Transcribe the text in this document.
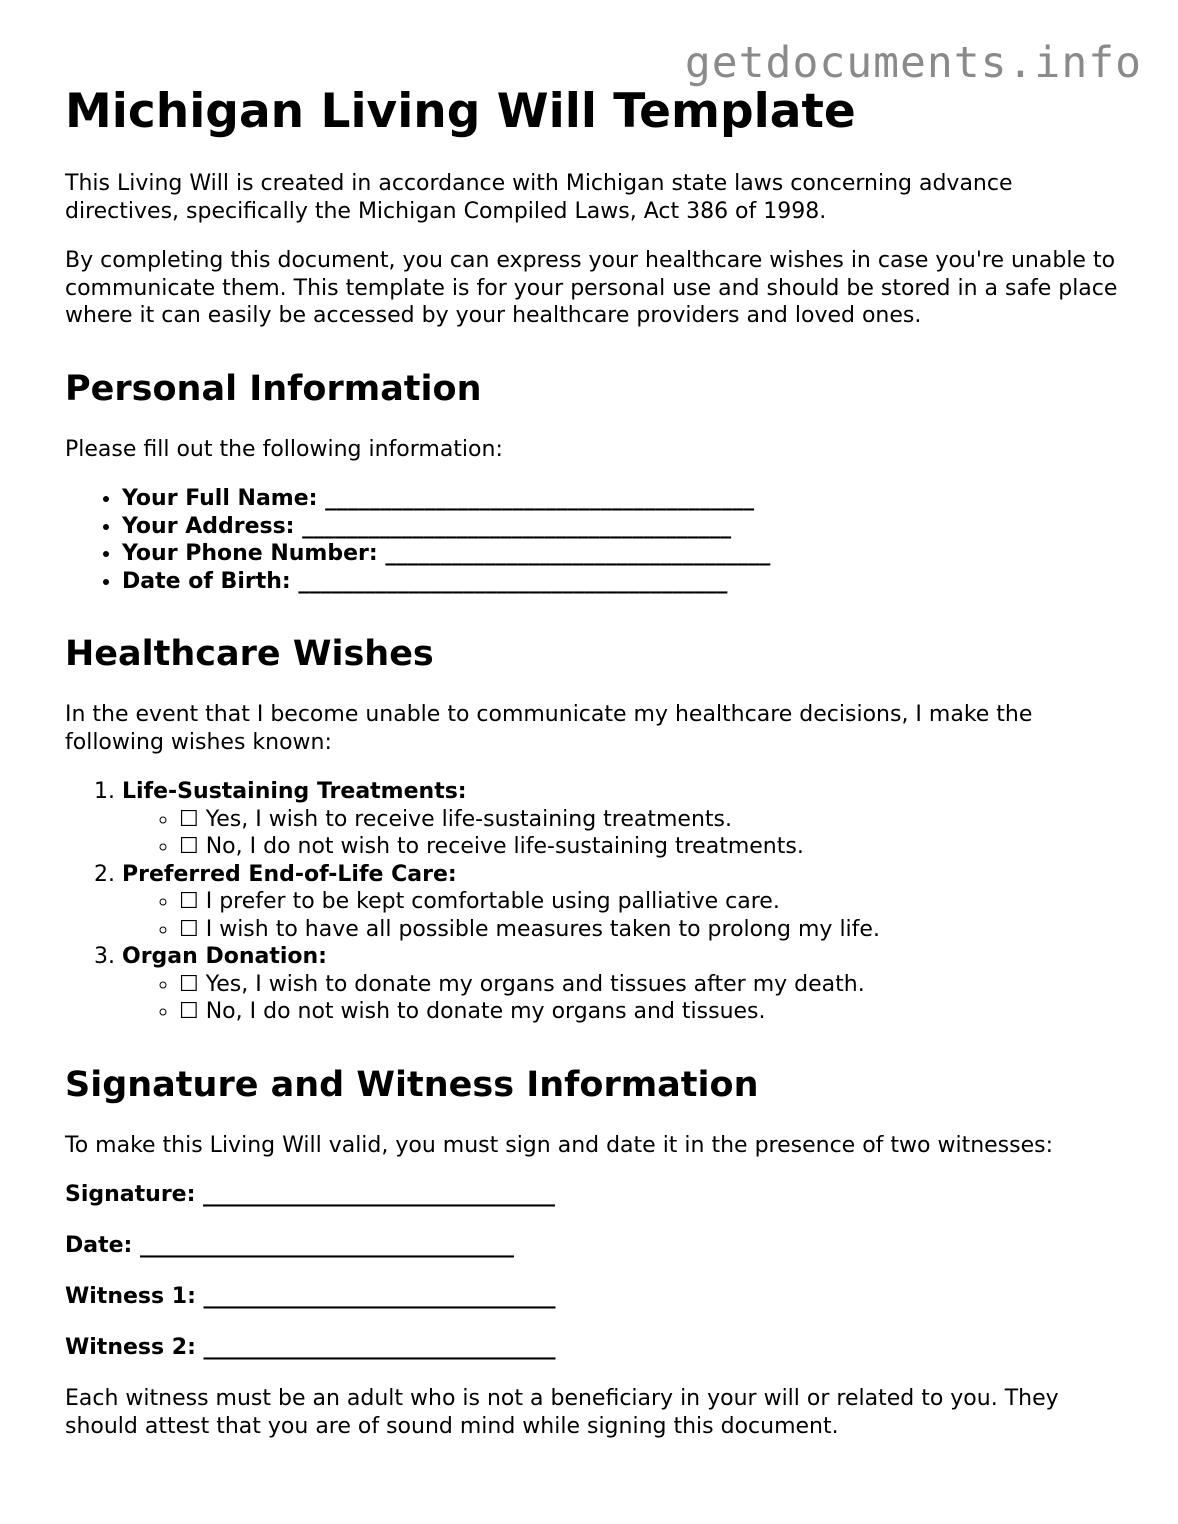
getdocuments.info
Michigan Living Will Template

This Living Will is created in accordance with Michigan state laws concerning advance directives, specifically the Michigan Compiled Laws, Act 386 of 1998.

By completing this document, you can express your healthcare wishes in case you're unable to communicate them. This template is for your personal use and should be stored in a safe place where it can easily be accessed by your healthcare providers and loved ones.

Personal Information

Please fill out the following information:

• Your Full Name: _______________________________________
• Your Address: _______________________________________
• Your Phone Number: ___________________________________
• Date of Birth: _______________________________________
Healthcare Wishes

In the event that I become unable to communicate my healthcare decisions, I make the following wishes known:

1. Life-Sustaining Treatments:
◦ ☐ Yes, I wish to receive life-sustaining treatments.
◦ ☐ No, I do not wish to receive life-sustaining treatments.
2. Preferred End-of-Life Care:
◦ ☐ I prefer to be kept comfortable using palliative care.
◦ ☐ I wish to have all possible measures taken to prolong my life.
3. Organ Donation:
◦ ☐ Yes, I wish to donate my organs and tissues after my death.
◦ ☐ No, I do not wish to donate my organs and tissues.
Signature and Witness Information

To make this Living Will valid, you must sign and date it in the presence of two witnesses:

Signature: ________________________________
Date: __________________________________
Witness 1: ________________________________
Witness 2: ________________________________

Each witness must be an adult who is not a beneficiary in your will or related to you. They should attest that you are of sound mind while signing this document.
